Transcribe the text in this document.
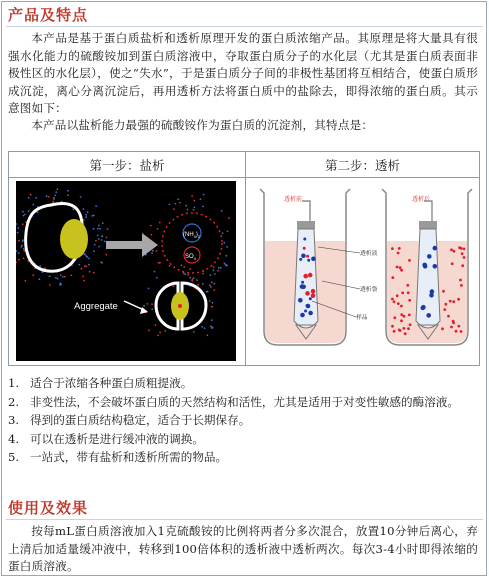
产品及特点
本产品是基于蛋白质盐析和透析原理开发的蛋白质浓缩产品。其原理是将大量具有很强水化能力的硫酸铵加到蛋白质溶液中，夺取蛋白质分子的水化层（尤其是蛋白质表面非极性区的水化层），使之“失水”，于是蛋白质分子间的非极性基团将互相结合，使蛋白质形成沉淀，离心分离沉淀后，再用透析方法将蛋白质中的盐除去，即得浓缩的蛋白质。其示意图如下：
本产品以盐析能力最强的硫酸铵作为蛋白质的沉淀剂，其特点是：
第一步：盐析	第二步：透析
$(NH_4)_2$
$SO_4$
Aggregate
透析前
透析液
透析袋
样品
透析后
1. 适合于浓缩各种蛋白质粗提液。
2. 非变性法，不会破坏蛋白质的天然结构和活性，尤其是适用于对变性敏感的酶溶液。
3. 得到的蛋白质结构稳定，适合于长期保存。
4. 可以在透析是进行缓冲液的调换。
5. 一站式，带有盐析和透析所需的物品。
使用及效果
按每mL蛋白质溶液加入1克硫酸铵的比例将两者分多次混合，放置10分钟后离心，弃上清后加适量缓冲液中，转移到100倍体积的透析液中透析两次。每次3-4小时即得浓缩的蛋白质溶液。
